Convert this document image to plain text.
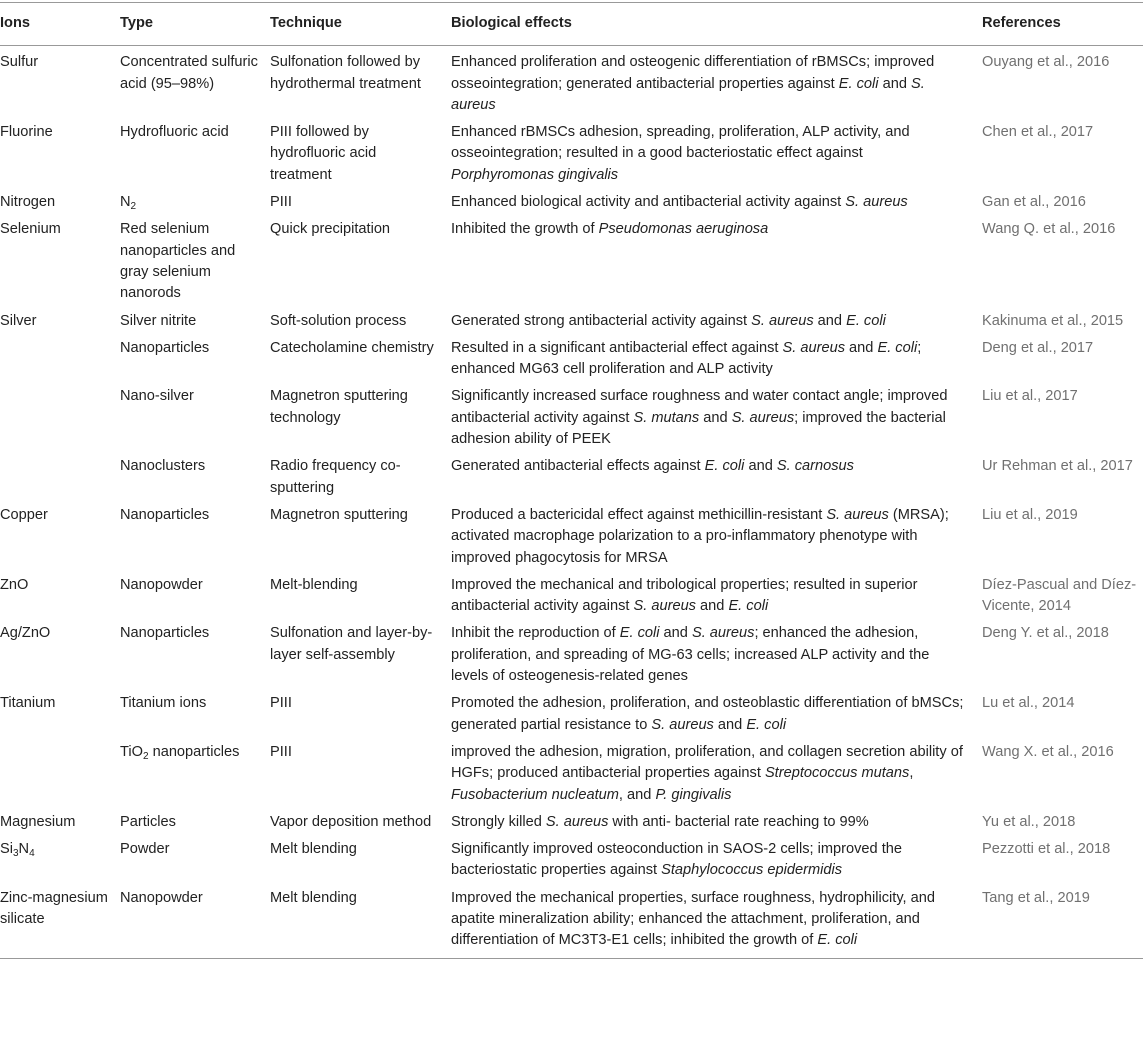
Ions	Type	Technique	Biological effects	References
Sulfur	Concentrated sulfuric acid (95–98%)	Sulfonation followed by hydrothermal treatment	Enhanced proliferation and osteogenic differentiation of rBMSCs; improved osseointegration; generated antibacterial properties against E. coli and S. aureus	Ouyang et al., 2016
Fluorine	Hydrofluoric acid	PIII followed by hydrofluoric acid treatment	Enhanced rBMSCs adhesion, spreading, proliferation, ALP activity, and osseointegration; resulted in a good bacteriostatic effect against Porphyromonas gingivalis	Chen et al., 2017
Nitrogen	$N_2$	PIII	Enhanced biological activity and antibacterial activity against S. aureus	Gan et al., 2016
Selenium	Red selenium nanoparticles and gray selenium nanorods	Quick precipitation	Inhibited the growth of Pseudomonas aeruginosa	Wang Q. et al., 2016
Silver	Silver nitrite	Soft-solution process	Generated strong antibacterial activity against S. aureus and E. coli	Kakinuma et al., 2015
	Nanoparticles	Catecholamine chemistry	Resulted in a significant antibacterial effect against S. aureus and E. coli; enhanced MG63 cell proliferation and ALP activity	Deng et al., 2017
	Nano-silver	Magnetron sputtering technology	Significantly increased surface roughness and water contact angle; improved antibacterial activity against S. mutans and S. aureus; improved the bacterial adhesion ability of PEEK	Liu et al., 2017
	Nanoclusters	Radio frequency co-sputtering	Generated antibacterial effects against E. coli and S. carnosus	Ur Rehman et al., 2017
Copper	Nanoparticles	Magnetron sputtering	Produced a bactericidal effect against methicillin-resistant S. aureus (MRSA); activated macrophage polarization to a pro-inflammatory phenotype with improved phagocytosis for MRSA	Liu et al., 2019
ZnO	Nanopowder	Melt-blending	Improved the mechanical and tribological properties; resulted in superior antibacterial activity against S. aureus and E. coli	Díez-Pascual and Díez-Vicente, 2014
Ag/ZnO	Nanoparticles	Sulfonation and layer-by-layer self-assembly	Inhibit the reproduction of E. coli and S. aureus; enhanced the adhesion, proliferation, and spreading of MG-63 cells; increased ALP activity and the levels of osteogenesis-related genes	Deng Y. et al., 2018
Titanium	Titanium ions	PIII	Promoted the adhesion, proliferation, and osteoblastic differentiation of bMSCs; generated partial resistance to S. aureus and E. coli	Lu et al., 2014
	TiO$_2$ nanoparticles	PIII	improved the adhesion, migration, proliferation, and collagen secretion ability of HGFs; produced antibacterial properties against Streptococcus mutans, Fusobacterium nucleatum, and P. gingivalis	Wang X. et al., 2016
Magnesium	Particles	Vapor deposition method	Strongly killed S. aureus with anti- bacterial rate reaching to 99%	Yu et al., 2018
$Si_3N_4$	Powder	Melt blending	Significantly improved osteoconduction in SAOS-2 cells; improved the bacteriostatic properties against Staphylococcus epidermidis	Pezzotti et al., 2018
Zinc-magnesium silicate	Nanopowder	Melt blending	Improved the mechanical properties, surface roughness, hydrophilicity, and apatite mineralization ability; enhanced the attachment, proliferation, and differentiation of MC3T3-E1 cells; inhibited the growth of E. coli	Tang et al., 2019
